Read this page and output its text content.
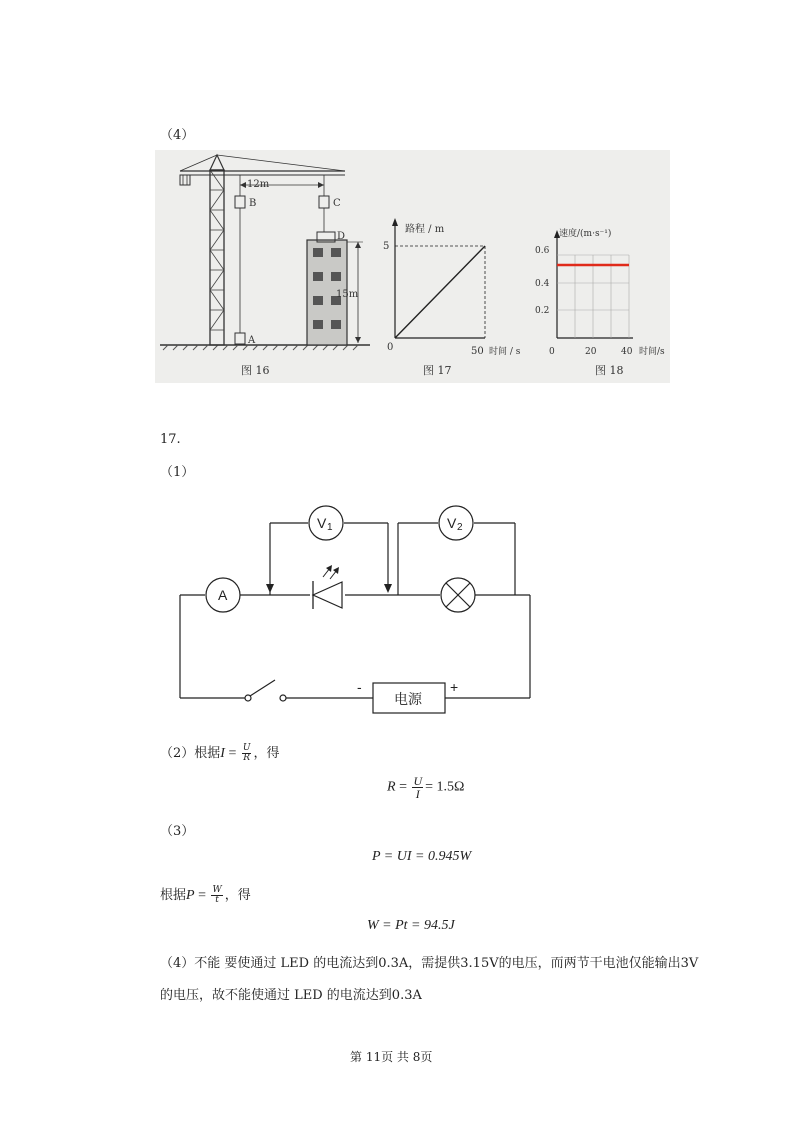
（4）
12m
B	C
D
A
15m
图 16
路程 / m
5
0	50 时间 / s
图 17
速度/(m·s⁻¹)
0.6
0.4
0.2
0	20	40 时间/s
图 18
17.
（1）
A
V 1	V 2
电源
-	+
（2）根据$I = \frac{U}{R}$ ，得
$R = \frac{U}{I} = 1.5\Omega$
（3）
P = UI = 0.945W
根据$P = \frac{W}{t}$ ，得
W = Pt = 94.5J
（4）不能 要使通过 LED 的电流达到0.3A，需提供3.15V的电压，而两节干电池仅能输出3V
的电压，故不能使通过 LED 的电流达到0.3A
第 11页 共 8页
